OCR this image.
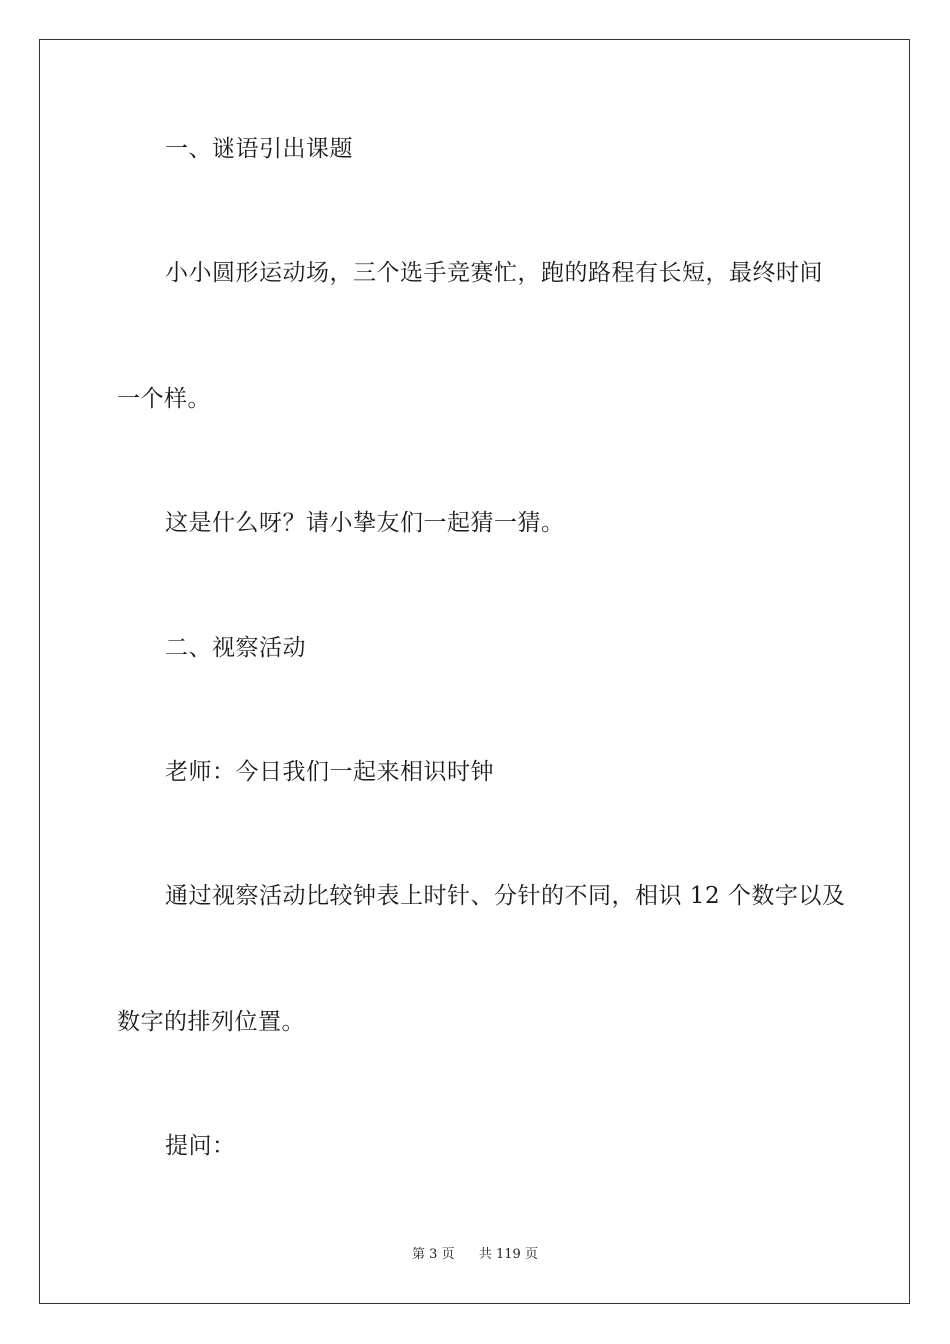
一、谜语引出课题
小小圆形运动场，三个选手竞赛忙，跑的路程有长短，最终时间
一个样。
这是什么呀？请小挚友们一起猜一猜。
二、视察活动
老师：今日我们一起来相识时钟
通过视察活动比较钟表上时针、分针的不同，相识 12 个数字以及
数字的排列位置。
提问：
第 3 页 共 119 页
